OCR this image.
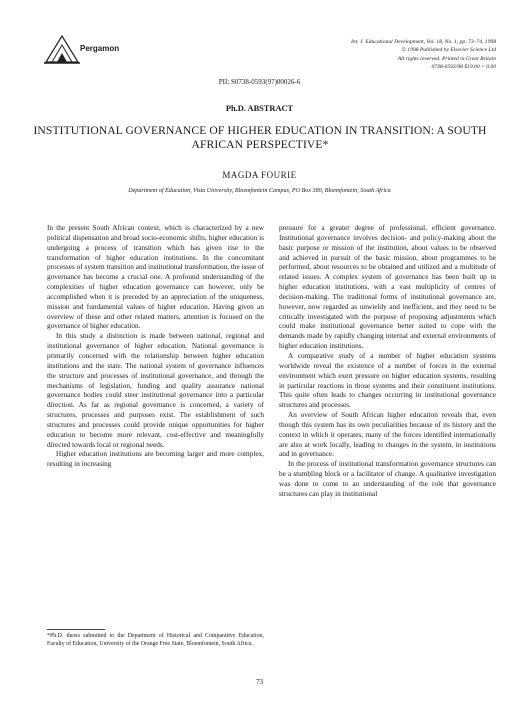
Pergamon
Int. J. Educational Development, Vol. 18, No. 1, pp. 73–74, 1998
© 1998 Published by Elsevier Science Ltd
All rights reserved. Printed in Great Britain
0738-0593/98 $19.00 + 0.00
PII: S0738-0593(97)00026-6
Ph.D. ABSTRACT
INSTITUTIONAL GOVERNANCE OF HIGHER EDUCATION IN TRANSITION: A SOUTH AFRICAN PERSPECTIVE*
MAGDA FOURIE
Department of Education, Vista University, Bloemfontein Campus, PO Box 380, Bloemfontein, South Africa

In the present South African context, which is characterized by a new political dispensation and broad socio-economic shifts, higher education is undergoing a process of transition which has given rise to the transformation of higher education institutions. In the concomitant processes of system transition and institutional transformation, the issue of governance has become a crucial one. A profound understanding of the complexities of higher education governance can however, only be accomplished when it is preceded by an appreciation of the uniqueness, mission and fundamental values of higher education. Having given an overview of these and other related matters, attention is focused on the governance of higher education.

In this study a distinction is made between national, regional and institutional governance of higher education. National governance is primarily concerned with the relationship between higher education institutions and the state. The national system of governance influences the structure and processes of institutional governance, and through the mechanisms of legislation, funding and quality assurance national governance bodies could steer institutional governance into a particular direction. As far as regional governance is concerned, a variety of structures, processes and purposes exist. The establishment of such structures and processes could provide unique opportunities for higher education to become more relevant, cost-effective and meaningfully directed towards local or regional needs.

Higher education institutions are becoming larger and more complex, resulting in increasing

pressure for a greater degree of professional, efficient governance. Institutional governance involves decision- and policy-making about the basic purpose or mission of the institution, about values to be observed and achieved in pursuit of the basic mission, about programmes to be performed, about resources to be obtained and utilized and a multitude of related issues. A complex system of governance has been built up in higher education institutions, with a vast multiplicity of centres of decision-making. The traditional forms of institutional governance are, however, now regarded as unwieldy and inefficient, and they need to be critically investigated with the purpose of proposing adjustments which could make institutional governance better suited to cope with the demands made by rapidly changing internal and external environments of higher education institutions.

A comparative study of a number of higher education systems worldwide reveal the existence of a number of forces in the external environment which exert pressure on higher education systems, resulting in particular reactions in those systems and their constituent institutions. This quite often leads to changes occurring in institutional governance structures and processes.

An overview of South African higher education reveals that, even though this system has its own peculiarities because of its history and the context in which it operates, many of the forces identified internationally are also at work locally, leading to changes in the system, in institutions and in governance.

In the process of institutional transformation governance structures can be a stumbling block or a facilitator of change. A qualitative investigation was done to come to an understanding of the role that governance structures can play in institutional

*Ph.D. thesis submitted to the Department of Historical and Comparative Education, Faculty of Education, University of the Orange Free State, Bloemfontein, South Africa.
73
